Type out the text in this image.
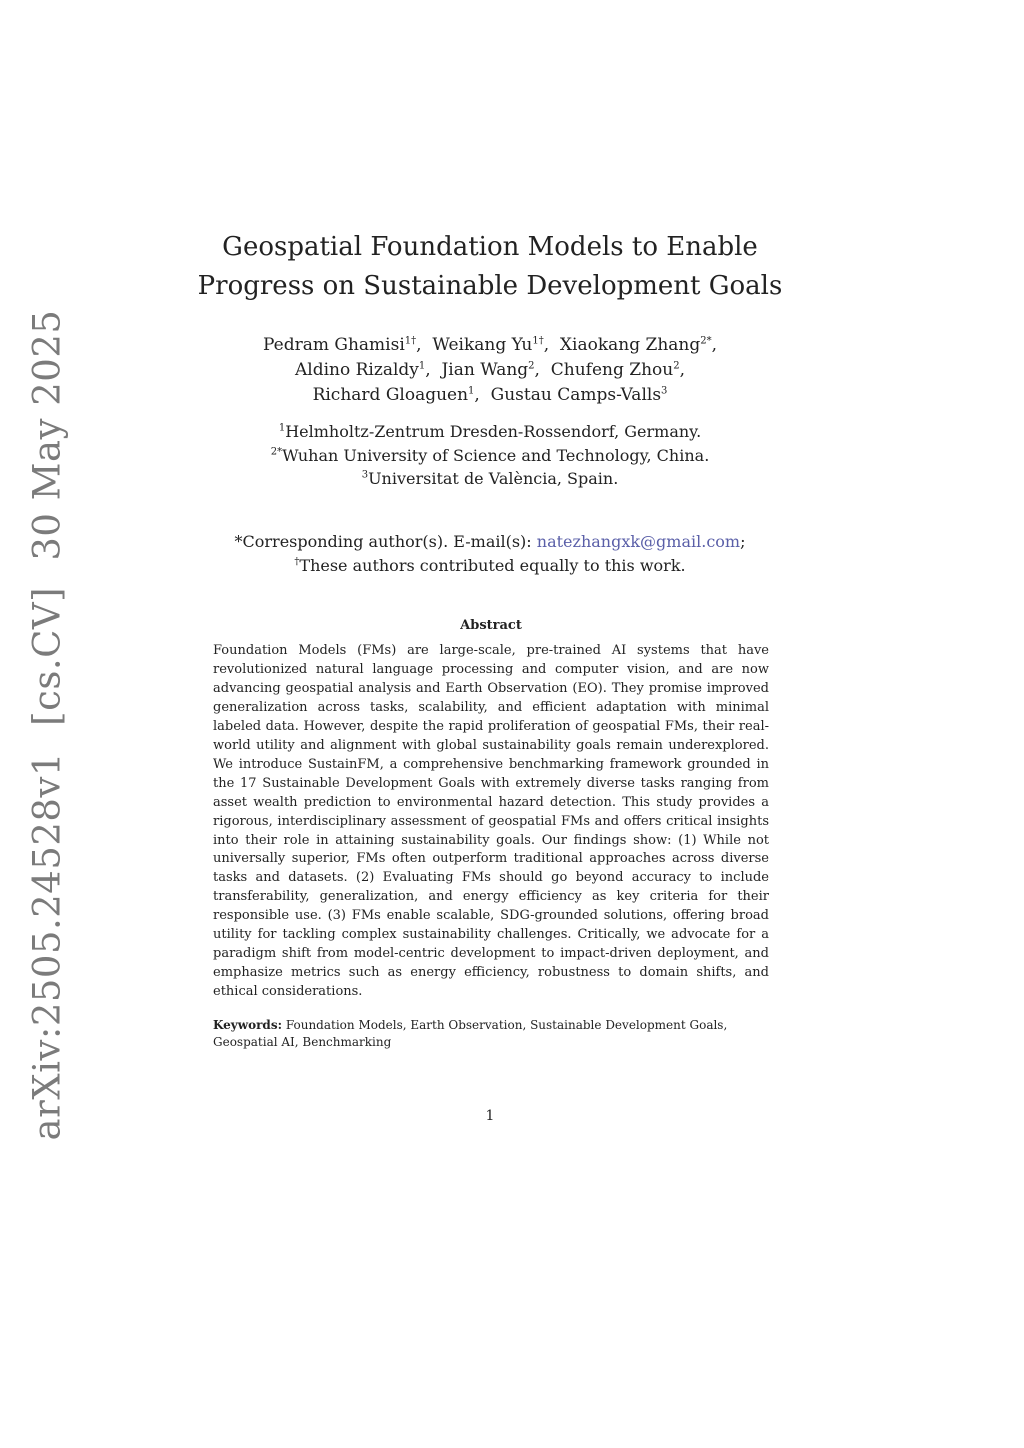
arXiv:2505.24528v1 [cs.CV] 30 May 2025
Geospatial Foundation Models to Enable
Progress on Sustainable Development Goals
Pedram Ghamisi$^{1\dagger}$, Weikang $Yu^{1\dagger}$, Xiaokang Zhang$^{2*}$,
Aldino Rizaldy$^1$, Jian Wang$^2$, Chufeng Zhou$^2$,
Richard Gloaguen$^1$, Gustau Camps-Valls$^3$
$^1$Helmholtz-Zentrum Dresden-Rossendorf, Germany.
$^{2*}$Wuhan University of Science and Technology, China.
$^3$Universitat de València, Spain.
*Corresponding author(s). E-mail(s): natezhangxk@gmail.com;
†These authors contributed equally to this work.
Abstract

Foundation Models (FMs) are large-scale, pre-trained AI systems that have revolutionized natural language processing and computer vision, and are now advancing geospatial analysis and Earth Observation (EO). They promise improved generalization across tasks, scalability, and efficient adaptation with minimal labeled data. However, despite the rapid proliferation of geospatial FMs, their real-world utility and alignment with global sustainability goals remain underexplored. We introduce SustainFM, a comprehensive benchmarking framework grounded in the 17 Sustainable Development Goals with extremely diverse tasks ranging from asset wealth prediction to environmental hazard detection. This study provides a rigorous, interdisciplinary assessment of geospatial FMs and offers critical insights into their role in attaining sustainability goals. Our findings show: (1) While not universally superior, FMs often outperform traditional approaches across diverse tasks and datasets. (2) Evaluating FMs should go beyond accuracy to include transferability, generalization, and energy efficiency as key criteria for their responsible use. (3) FMs enable scalable, SDG-grounded solutions, offering broad utility for tackling complex sustainability challenges. Critically, we advocate for a paradigm shift from model-centric development to impact-driven deployment, and emphasize metrics such as energy efficiency, robustness to domain shifts, and ethical considerations.

Keywords: Foundation Models, Earth Observation, Sustainable Development Goals, Geospatial AI, Benchmarking

1
